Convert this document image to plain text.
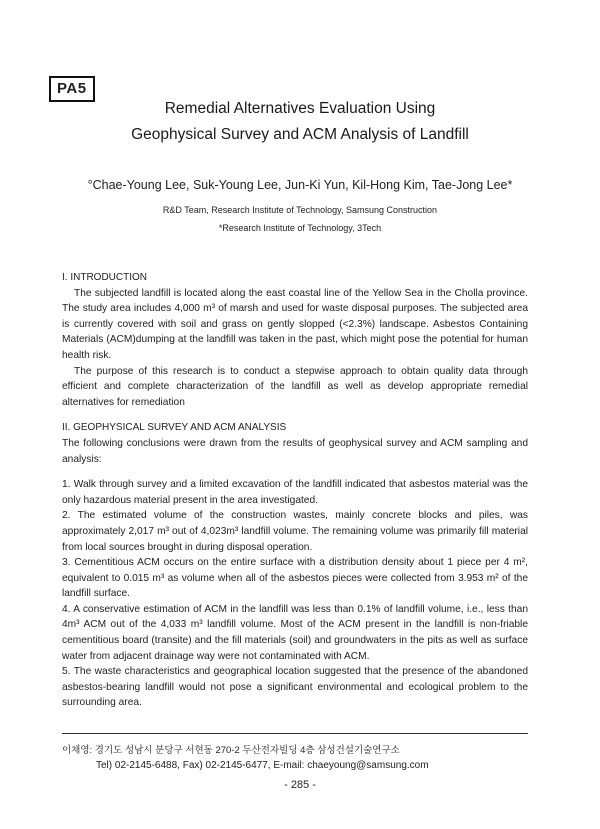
PA5
Remedial Alternatives Evaluation Using
Geophysical Survey and ACM Analysis of Landfill
°Chae-Young Lee, Suk-Young Lee, Jun-Ki Yun, Kil-Hong Kim, Tae-Jong Lee*
R&D Team, Research Institute of Technology, Samsung Construction
*Research Institute of Technology, 3Tech

I. INTRODUCTION

The subjected landfill is located along the east coastal line of the Yellow Sea in the Cholla province. The study area includes 4,000 m³ of marsh and used for waste disposal purposes. The subjected area is currently covered with soil and grass on gently slopped (<2.3%) landscape. Asbestos Containing Materials (ACM)dumping at the landfill was taken in the past, which might pose the potential for human health risk.

The purpose of this research is to conduct a stepwise approach to obtain quality data through efficient and complete characterization of the landfill as well as develop appropriate remedial alternatives for remediation

II. GEOPHYSICAL SURVEY AND ACM ANALYSIS

The following conclusions were drawn from the results of geophysical survey and ACM sampling and analysis:

1. Walk through survey and a limited excavation of the landfill indicated that asbestos material was the only hazardous material present in the area investigated.

2. The estimated volume of the construction wastes, mainly concrete blocks and piles, was approximately 2,017 m³ out of 4,023m³ landfill volume. The remaining volume was primarily fill material from local sources brought in during disposal operation.

3. Cementitious ACM occurs on the entire surface with a distribution density about 1 piece per 4 m², equivalent to 0.015 m³ as volume when all of the asbestos pieces were collected from 3.953 m² of the landfill surface.

4. A conservative estimation of ACM in the landfill was less than 0.1% of landfill volume, i.e., less than 4m³ ACM out of the 4,033 m³ landfill volume. Most of the ACM present in the landfill is non-friable cementitious board (transite) and the fill materials (soil) and groundwaters in the pits as well as surface water from adjacent drainage way were not contaminated with ACM.

5. The waste characteristics and geographical location suggested that the presence of the abandoned asbestos-bearing landfill would not pose a significant environmental and ecological problem to the surrounding area.

이채영: 경기도 성남시 분당구 서현동 270-2 두산전자빌딩 4층 삼성건설기술연구소
Tel) 02-2145-6488, Fax) 02-2145-6477, E-mail: chaeyoung@samsung.com
- 285 -
